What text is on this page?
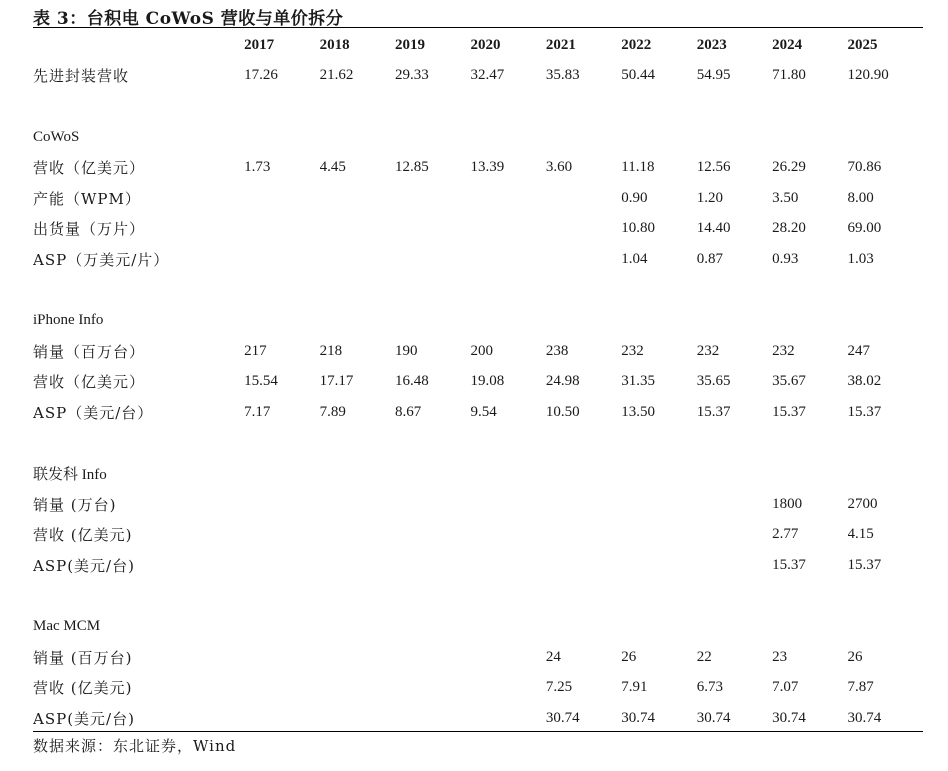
表 3：台积电 CoWoS 营收与单价拆分
	2017	2018	2019	2020	2021	2022	2023	2024	2025
先进封装营收	17.26	21.62	29.33	32.47	35.83	50.44	54.95	71.80	120.90

CoWoS									
营收（亿美元）	1.73	4.45	12.85	13.39	3.60	11.18	12.56	26.29	70.86
产能（WPM）						0.90	1.20	3.50	8.00
出货量（万片）						10.80	14.40	28.20	69.00
ASP（万美元/片）						1.04	0.87	0.93	1.03

iPhone Info									
销量（百万台）	217	218	190	200	238	232	232	232	247
营收（亿美元）	15.54	17.17	16.48	19.08	24.98	31.35	35.65	35.67	38.02
ASP（美元/台）	7.17	7.89	8.67	9.54	10.50	13.50	15.37	15.37	15.37

联发科 Info									
销量 (万台)								1800	2700
营收 (亿美元)								2.77	4.15
ASP(美元/台)								15.37	15.37

Mac MCM									
销量 (百万台)					24	26	22	23	26
营收 (亿美元)					7.25	7.91	6.73	7.07	7.87
ASP(美元/台)					30.74	30.74	30.74	30.74	30.74
数据来源：东北证券，Wind
